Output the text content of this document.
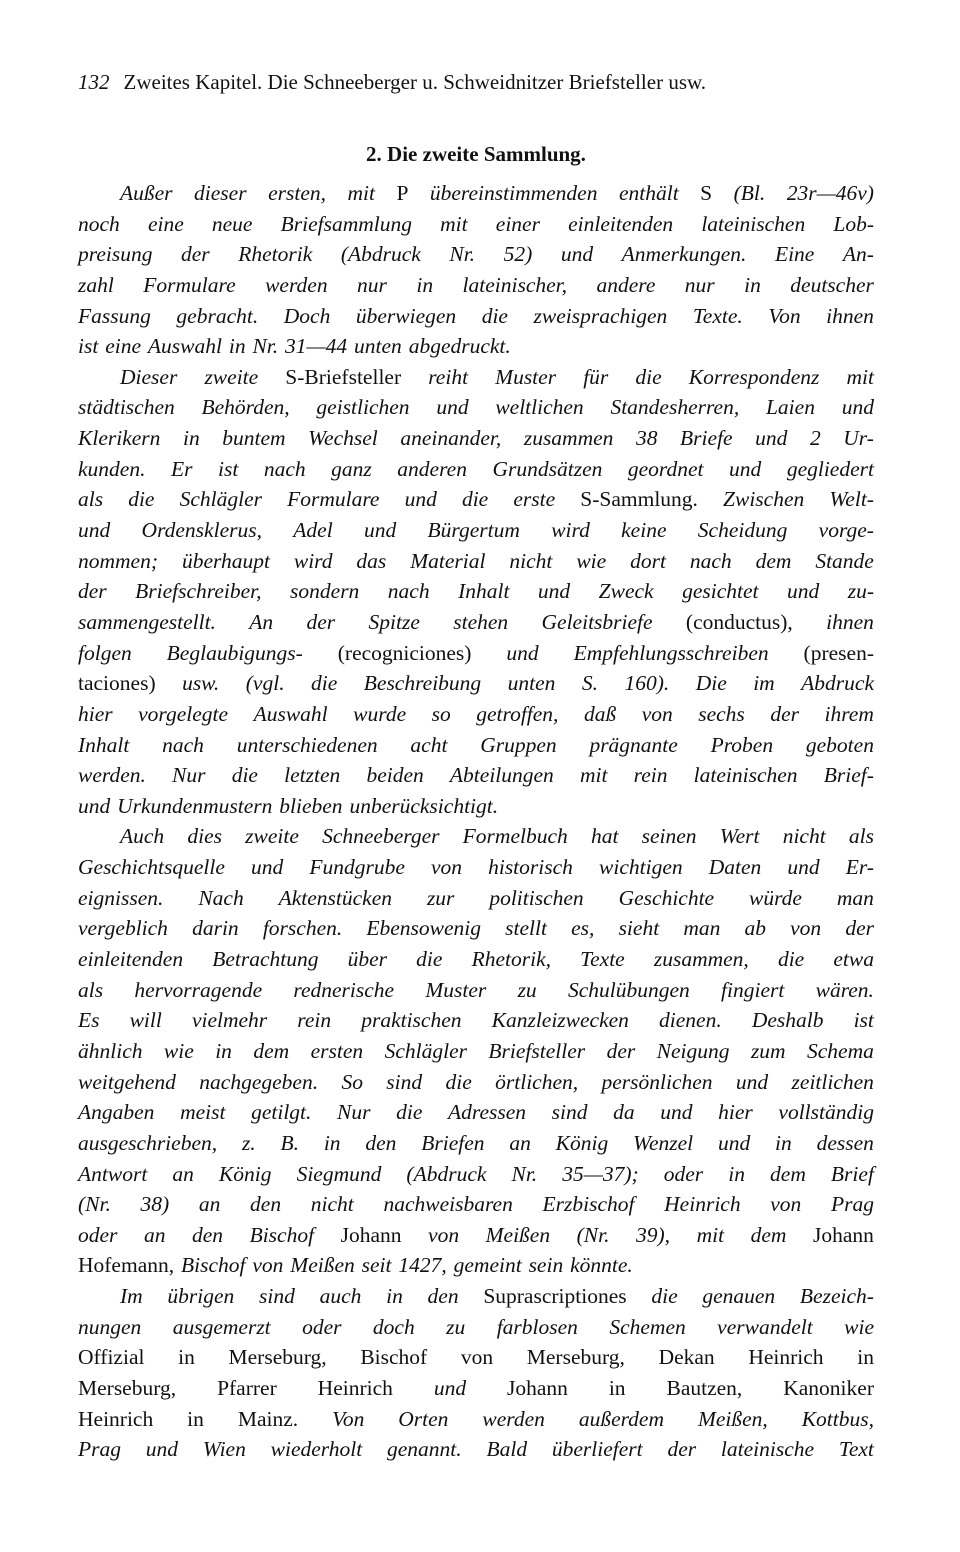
132 Zweites Kapitel. Die Schneeberger u. Schweidnitzer Briefsteller usw.
2. Die zweite Sammlung.
Außer dieser ersten, mit P übereinstimmenden enthält S (Bl. 23r—46v)
noch eine neue Briefsammlung mit einer einleitenden lateinischen Lob-
preisung der Rhetorik (Abdruck Nr. 52) und Anmerkungen. Eine An-
zahl Formulare werden nur in lateinischer, andere nur in deutscher
Fassung gebracht. Doch überwiegen die zweisprachigen Texte. Von ihnen
ist eine Auswahl in Nr. 31—44 unten abgedruckt.
Dieser zweite S-Briefsteller reiht Muster für die Korrespondenz mit
städtischen Behörden, geistlichen und weltlichen Standesherren, Laien und
Klerikern in buntem Wechsel aneinander, zusammen 38 Briefe und 2 Ur-
kunden. Er ist nach ganz anderen Grundsätzen geordnet und gegliedert
als die Schlägler Formulare und die erste S-Sammlung. Zwischen Welt-
und Ordensklerus, Adel und Bürgertum wird keine Scheidung vorge-
nommen; überhaupt wird das Material nicht wie dort nach dem Stande
der Briefschreiber, sondern nach Inhalt und Zweck gesichtet und zu-
sammengestellt. An der Spitze stehen Geleitsbriefe (conductus), ihnen
folgen Beglaubigungs- (recogniciones) und Empfehlungsschreiben (presen-
taciones) usw. (vgl. die Beschreibung unten S. 160). Die im Abdruck
hier vorgelegte Auswahl wurde so getroffen, daß von sechs der ihrem
Inhalt nach unterschiedenen acht Gruppen prägnante Proben geboten
werden. Nur die letzten beiden Abteilungen mit rein lateinischen Brief-
und Urkundenmustern blieben unberücksichtigt.
Auch dies zweite Schneeberger Formelbuch hat seinen Wert nicht als
Geschichtsquelle und Fundgrube von historisch wichtigen Daten und Er-
eignissen. Nach Aktenstücken zur politischen Geschichte würde man
vergeblich darin forschen. Ebensowenig stellt es, sieht man ab von der
einleitenden Betrachtung über die Rhetorik, Texte zusammen, die etwa
als hervorragende rednerische Muster zu Schulübungen fingiert wären.
Es will vielmehr rein praktischen Kanzleizwecken dienen. Deshalb ist
ähnlich wie in dem ersten Schlägler Briefsteller der Neigung zum Schema
weitgehend nachgegeben. So sind die örtlichen, persönlichen und zeitlichen
Angaben meist getilgt. Nur die Adressen sind da und hier vollständig
ausgeschrieben, z. B. in den Briefen an König Wenzel und in dessen
Antwort an König Siegmund (Abdruck Nr. 35—37); oder in dem Brief
(Nr. 38) an den nicht nachweisbaren Erzbischof Heinrich von Prag
oder an den Bischof Johann von Meißen (Nr. 39), mit dem Johann
Hofemann, Bischof von Meißen seit 1427, gemeint sein könnte.
Im übrigen sind auch in den Suprascriptiones die genauen Bezeich-
nungen ausgemerzt oder doch zu farblosen Schemen verwandelt wie
Offizial in Merseburg, Bischof von Merseburg, Dekan Heinrich in
Merseburg, Pfarrer Heinrich und Johann in Bautzen, Kanoniker
Heinrich in Mainz. Von Orten werden außerdem Meißen, Kottbus,
Prag und Wien wiederholt genannt. Bald überliefert der lateinische Text
